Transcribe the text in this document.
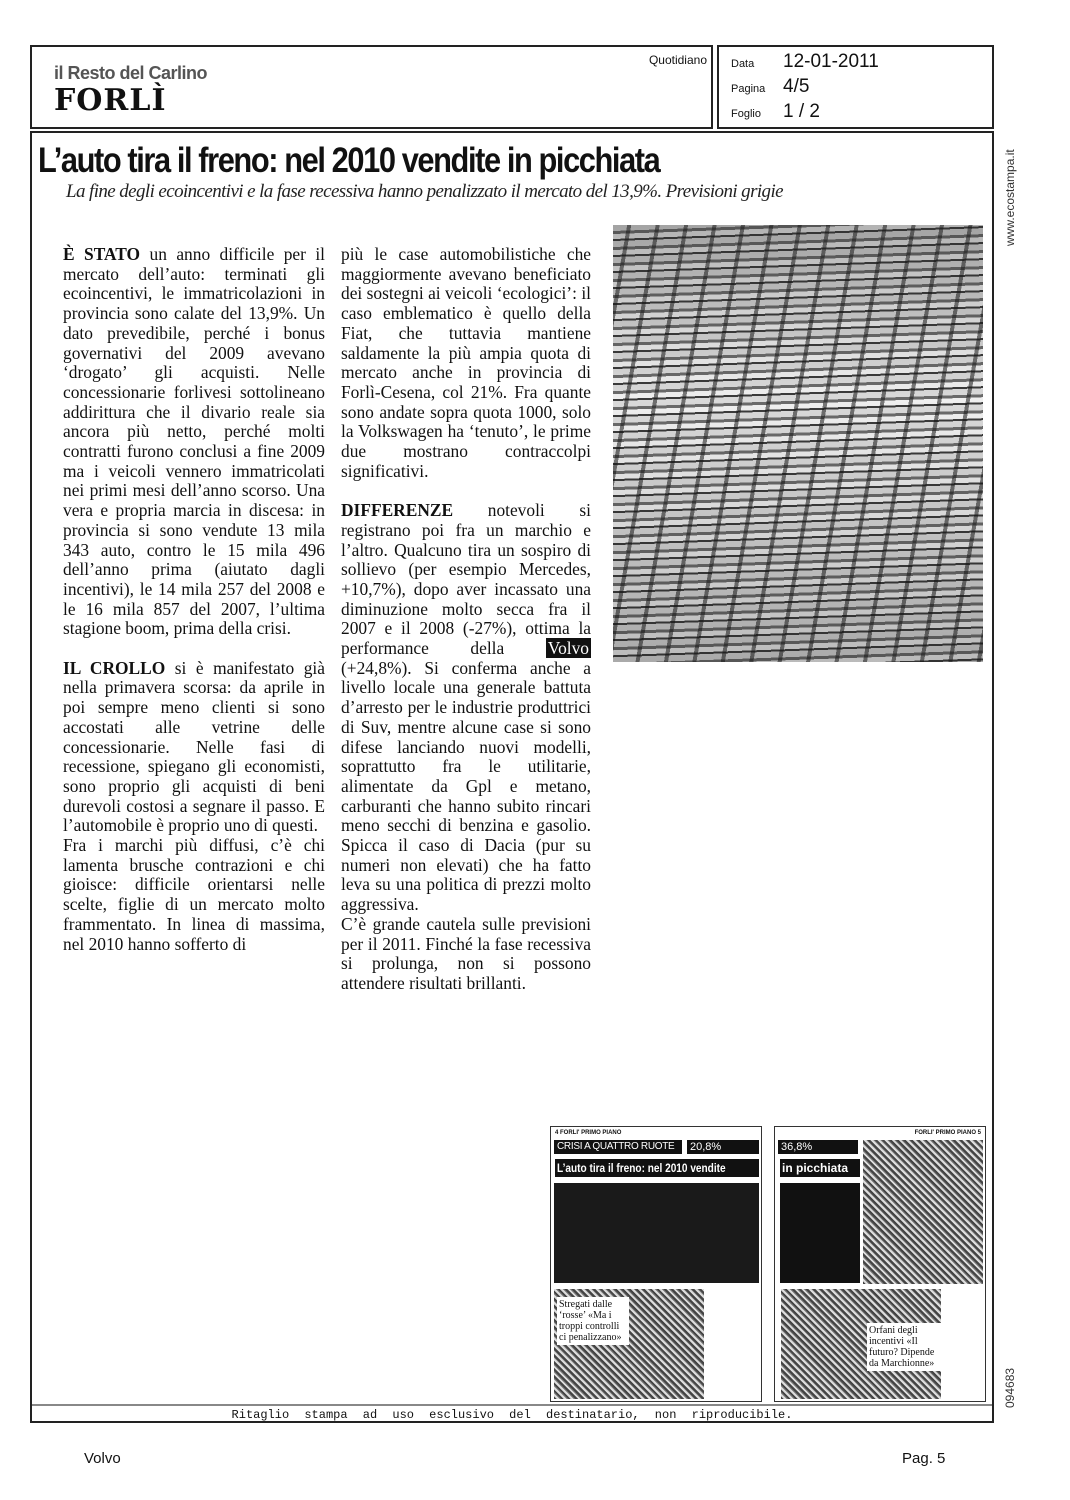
il Resto del Carlino
FORLÌ
Quotidiano Data 12-01-2011
Pagina 4/5
Foglio 1 / 2
L’auto tira il freno: nel 2010 vendite in picchiata
La fine degli ecoincentivi e la fase recessiva hanno penalizzato il mercato del 13,9%. Previsioni grigie

È STATO un anno difficile per il mercato dell’auto: terminati gli ecoincentivi, le immatricolazioni in provincia sono calate del 13,9%. Un dato prevedibile, perché i bonus governativi del 2009 avevano ‘drogato’ gli acquisti. Nelle concessionarie forlivesi sottolineano addirittura che il divario reale sia ancora più netto, perché molti contratti furono conclusi a fine 2009 ma i veicoli vennero immatricolati nei primi mesi dell’anno scorso. Una vera e propria marcia in discesa: in provincia si sono vendute 13 mila 343 auto, contro le 15 mila 496 dell’anno prima (aiutato dagli incentivi), le 14 mila 257 del 2008 e le 16 mila 857 del 2007, l’ultima stagione boom, prima della crisi.

IL CROLLO si è manifestato già nella primavera scorsa: da aprile in poi sempre meno clienti si sono accostati alle vetrine delle concessionarie. Nelle fasi di recessione, spiegano gli economisti, sono proprio gli acquisti di beni durevoli costosi a segnare il passo. E l’automobile è proprio uno di questi.

Fra i marchi più diffusi, c’è chi lamenta brusche contrazioni e chi gioisce: difficile orientarsi nelle scelte, figlie di un mercato molto frammentato. In linea di massima, nel 2010 hanno sofferto di

più le case automobilistiche che maggiormente avevano beneficiato dei sostegni ai veicoli ‘ecologici’: il caso emblematico è quello della Fiat, che tuttavia mantiene saldamente la più ampia quota di mercato anche in provincia di Forlì-Cesena, col 21%. Fra quante sono andate sopra quota 1000, solo la Volkswagen ha ‘tenuto’, le prime due mostrano contraccolpi significativi.

DIFFERENZE notevoli si registrano poi fra un marchio e l’altro. Qualcuno tira un sospiro di sollievo (per esempio Mercedes, +10,7%), dopo aver incassato una diminuzione molto secca fra il 2007 e il 2008 (-27%), ottima la performance della Volvo (+24,8%). Si conferma anche a livello locale una generale battuta d’arresto per le industrie produttrici di Suv, mentre alcune case si sono difese lanciando nuovi modelli, soprattutto fra le utilitarie, alimentate da Gpl e metano, carburanti che hanno subito rincari meno secchi di benzina e gasolio. Spicca il caso di Dacia (pur su numeri non elevati) che ha fatto leva su una politica di prezzi molto aggressiva.

C’è grande cautela sulle previsioni per il 2011. Finché la fase recessiva si prolunga, non si possono attendere risultati brillanti.

4 FORLI' PRIMO PIANO
CRISI A QUATTRO RUOTE	20,8%
L’auto tira il freno: nel 2010 vendite
Stregati dalle ‘rosse’ «Ma i troppi controlli ci penalizzano»
FORLI' PRIMO PIANO 5
36,8%
in picchiata
Orfani degli incentivi «Il futuro? Dipende da Marchionne»
Ritaglio stampa ad uso esclusivo del destinatario, non riproducibile.
www.ecostampa.it
094683
Volvo	Pag. 5
